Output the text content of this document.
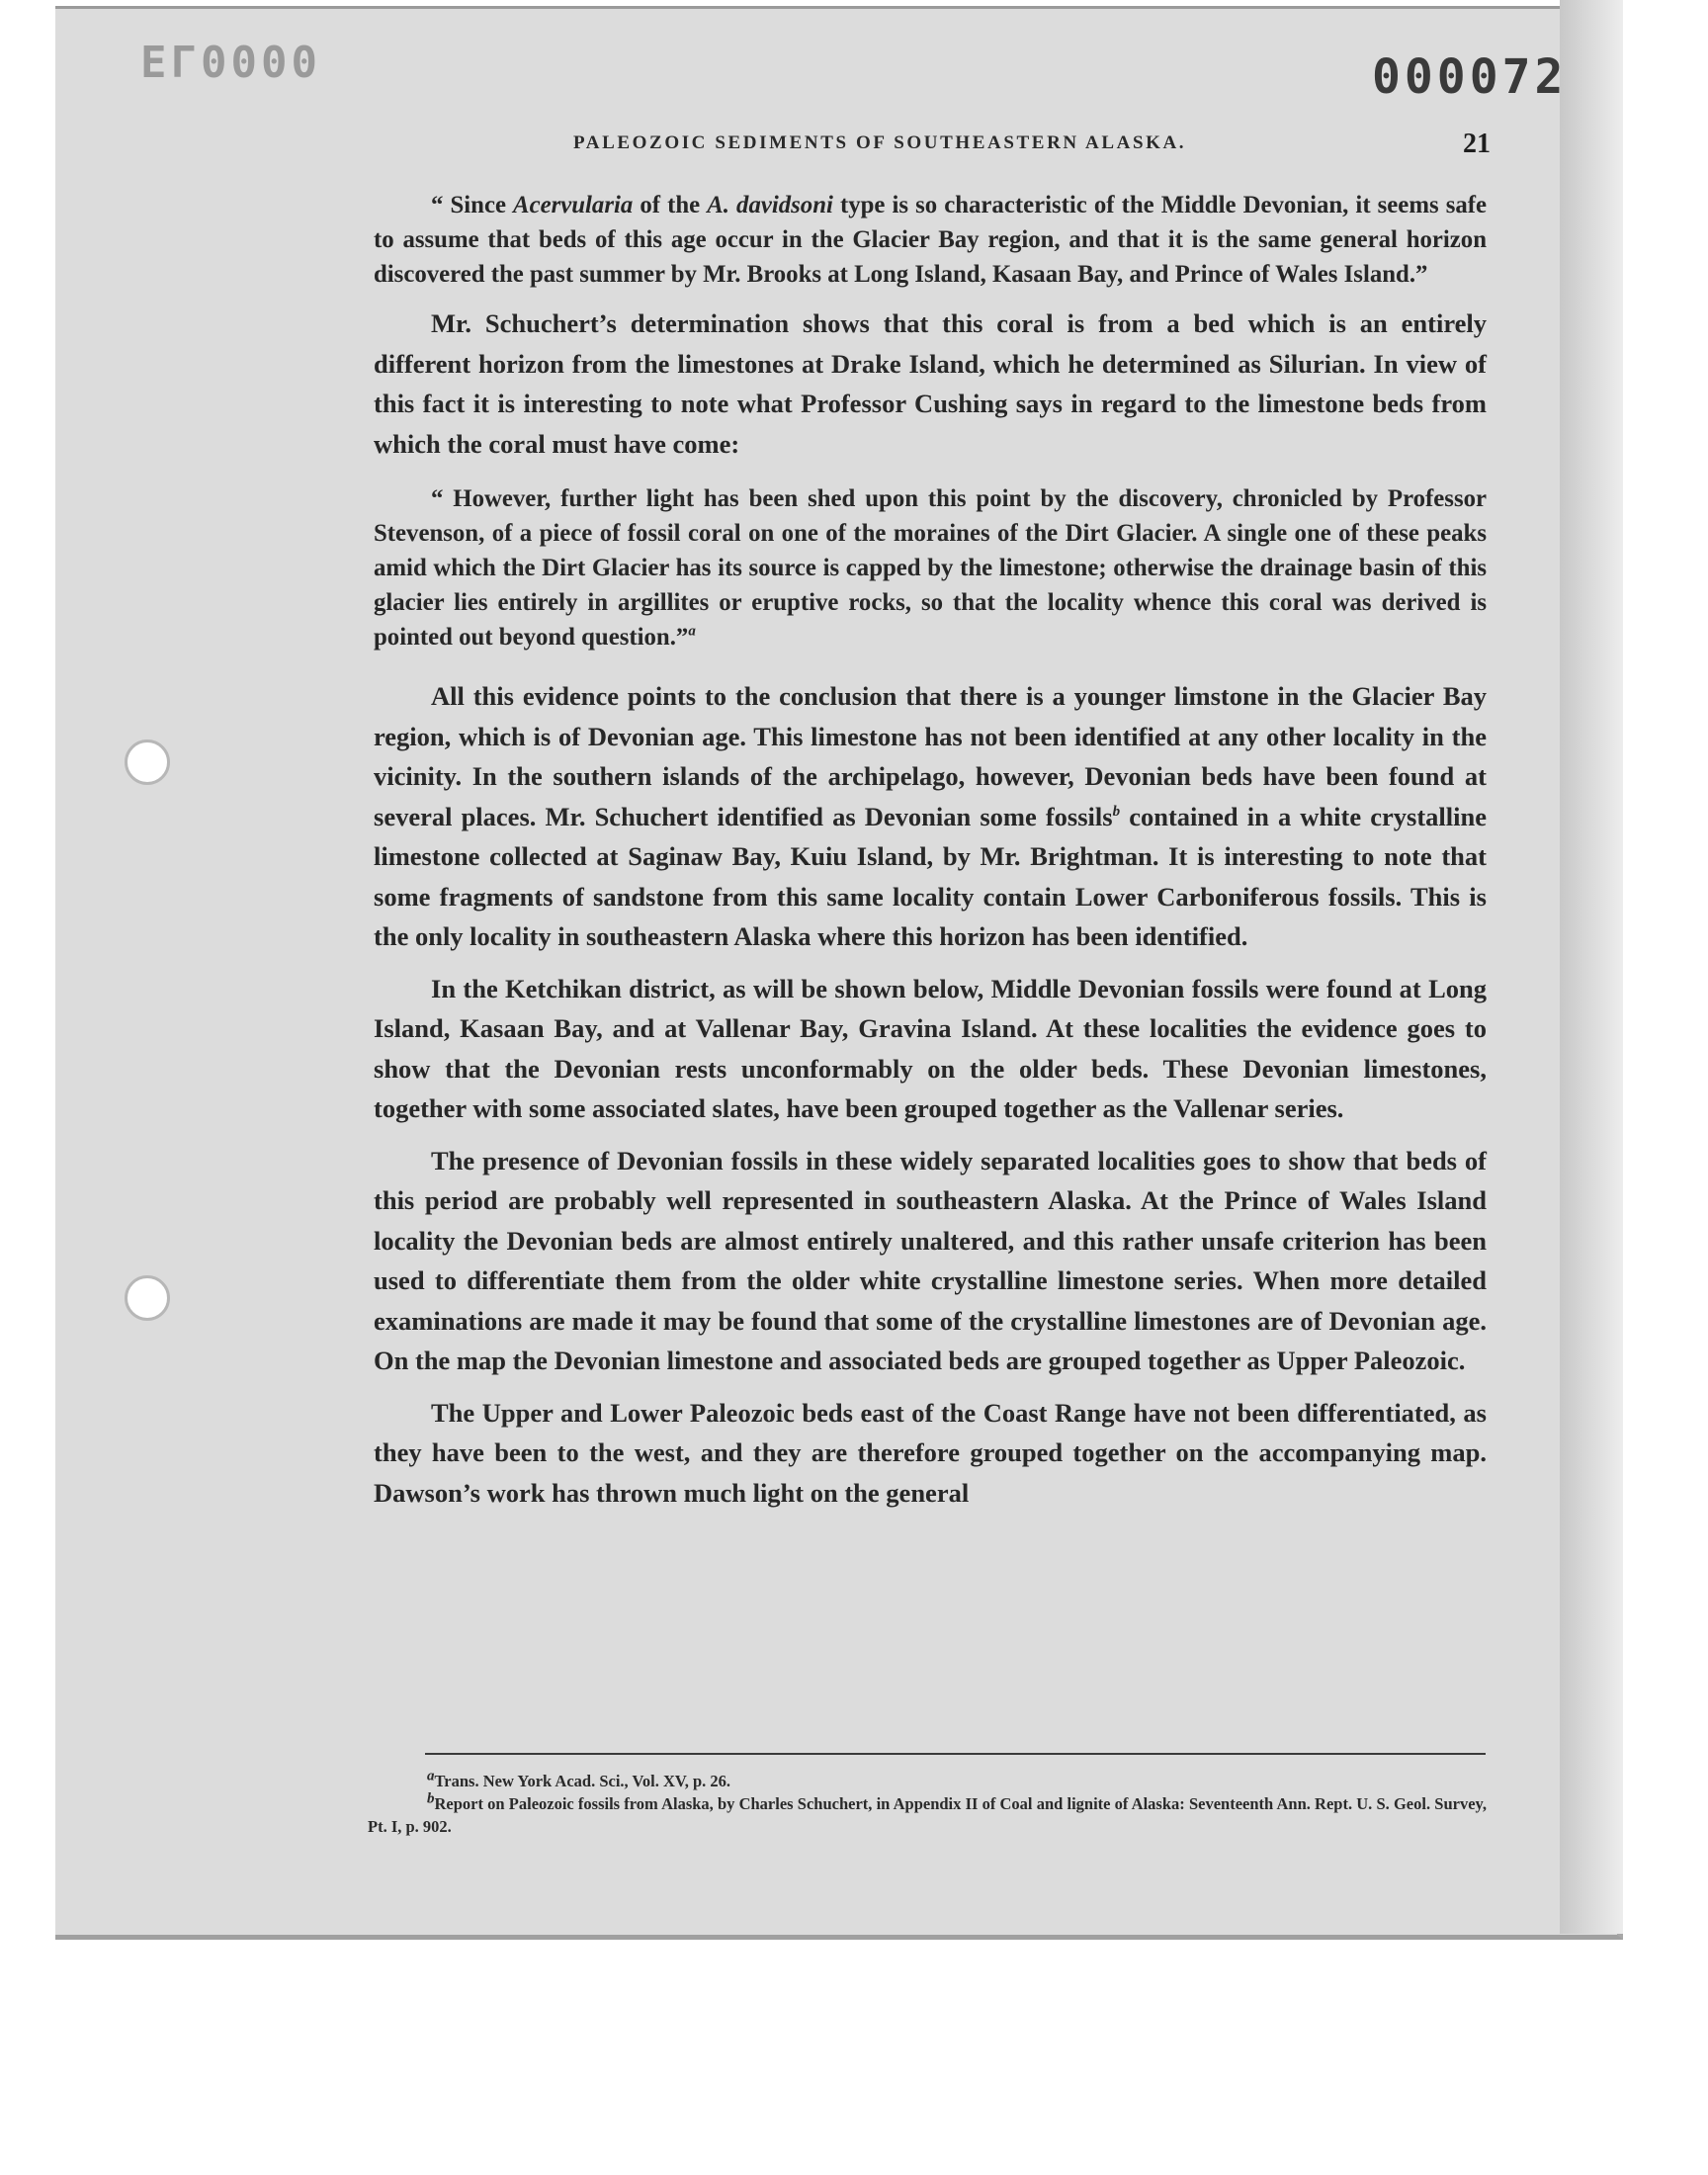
ЕГ0000	000072
PALEOZOIC SEDIMENTS OF SOUTHEASTERN ALASKA.	21

“ Since Acervularia of the A. davidsoni type is so characteristic of the Middle Devonian, it seems safe to assume that beds of this age occur in the Glacier Bay region, and that it is the same general horizon discovered the past summer by Mr. Brooks at Long Island, Kasaan Bay, and Prince of Wales Island.”

Mr. Schuchert’s determination shows that this coral is from a bed which is an entirely different horizon from the limestones at Drake Island, which he determined as Silurian. In view of this fact it is interesting to note what Professor Cushing says in regard to the limestone beds from which the coral must have come:

“ However, further light has been shed upon this point by the discovery, chronicled by Professor Stevenson, of a piece of fossil coral on one of the moraines of the Dirt Glacier. A single one of these peaks amid which the Dirt Glacier has its source is capped by the limestone; otherwise the drainage basin of this glacier lies entirely in argillites or eruptive rocks, so that the locality whence this coral was derived is pointed out beyond question.”$^a$

All this evidence points to the conclusion that there is a younger limstone in the Glacier Bay region, which is of Devonian age. This limestone has not been identified at any other locality in the vicinity. In the southern islands of the archipelago, however, Devonian beds have been found at several places. Mr. Schuchert identified as Devonian some fossils$^b$ contained in a white crystalline limestone collected at Saginaw Bay, Kuiu Island, by Mr. Brightman. It is interesting to note that some fragments of sandstone from this same locality contain Lower Carboniferous fossils. This is the only locality in southeastern Alaska where this horizon has been identified.

In the Ketchikan district, as will be shown below, Middle Devonian fossils were found at Long Island, Kasaan Bay, and at Vallenar Bay, Gravina Island. At these localities the evidence goes to show that the Devonian rests unconformably on the older beds. These Devonian limestones, together with some associated slates, have been grouped together as the Vallenar series.

The presence of Devonian fossils in these widely separated localities goes to show that beds of this period are probably well represented in southeastern Alaska. At the Prince of Wales Island locality the Devonian beds are almost entirely unaltered, and this rather unsafe criterion has been used to differentiate them from the older white crystalline limestone series. When more detailed examinations are made it may be found that some of the crystalline limestones are of Devonian age. On the map the Devonian limestone and associated beds are grouped together as Upper Paleozoic.

The Upper and Lower Paleozoic beds east of the Coast Range have not been differentiated, as they have been to the west, and they are therefore grouped together on the accompanying map. Dawson’s work has thrown much light on the general

$^a$Trans. New York Acad. Sci., Vol. XV, p. 26.

$^b$Report on Paleozoic fossils from Alaska, by Charles Schuchert, in Appendix II of Coal and lignite of Alaska: Seventeenth Ann. Rept. U. S. Geol. Survey, Pt. I, p. 902.
